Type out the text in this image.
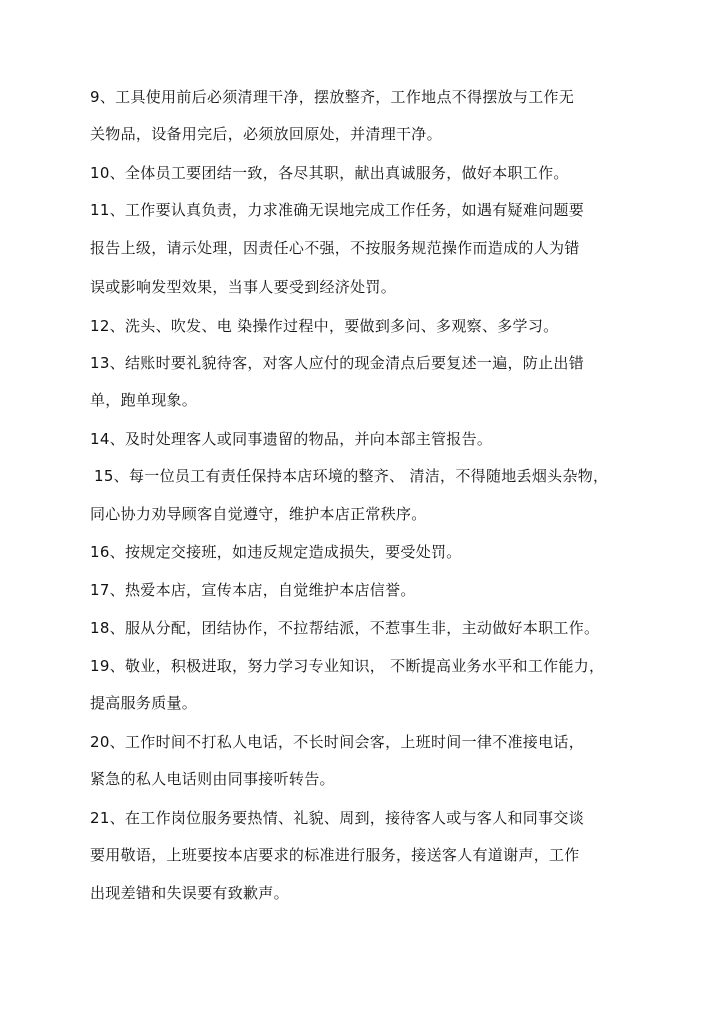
9、工具使用前后必须清理干净，摆放整齐，工作地点不得摆放与工作无
关物品，设备用完后，必须放回原处，并清理干净。
10、全体员工要团结一致，各尽其职，献出真诚服务，做好本职工作。
11、工作要认真负责，力求准确无误地完成工作任务，如遇有疑难问题要
报告上级，请示处理，因责任心不强，不按服务规范操作而造成的人为错
误或影响发型效果，当事人要受到经济处罚。
12、洗头、吹发、电 染操作过程中，要做到多问、多观察、多学习。
13、结账时要礼貌待客，对客人应付的现金清点后要复述一遍，防止出错
单，跑单现象。
14、及时处理客人或同事遗留的物品，并向本部主管报告。
15、每一位员工有责任保持本店环境的整齐、 清洁，不得随地丢烟头杂物，
同心协力劝导顾客自觉遵守，维护本店正常秩序。
16、按规定交接班，如违反规定造成损失，要受处罚。
17、热爱本店，宣传本店，自觉维护本店信誉。
18、服从分配，团结协作，不拉帮结派，不惹事生非，主动做好本职工作。
19、敬业，积极进取，努力学习专业知识， 不断提高业务水平和工作能力，
提高服务质量。
20、工作时间不打私人电话，不长时间会客，上班时间一律不准接电话，
紧急的私人电话则由同事接听转告。
21、在工作岗位服务要热情、礼貌、周到，接待客人或与客人和同事交谈
要用敬语，上班要按本店要求的标准进行服务，接送客人有道谢声，工作
出现差错和失误要有致歉声。
